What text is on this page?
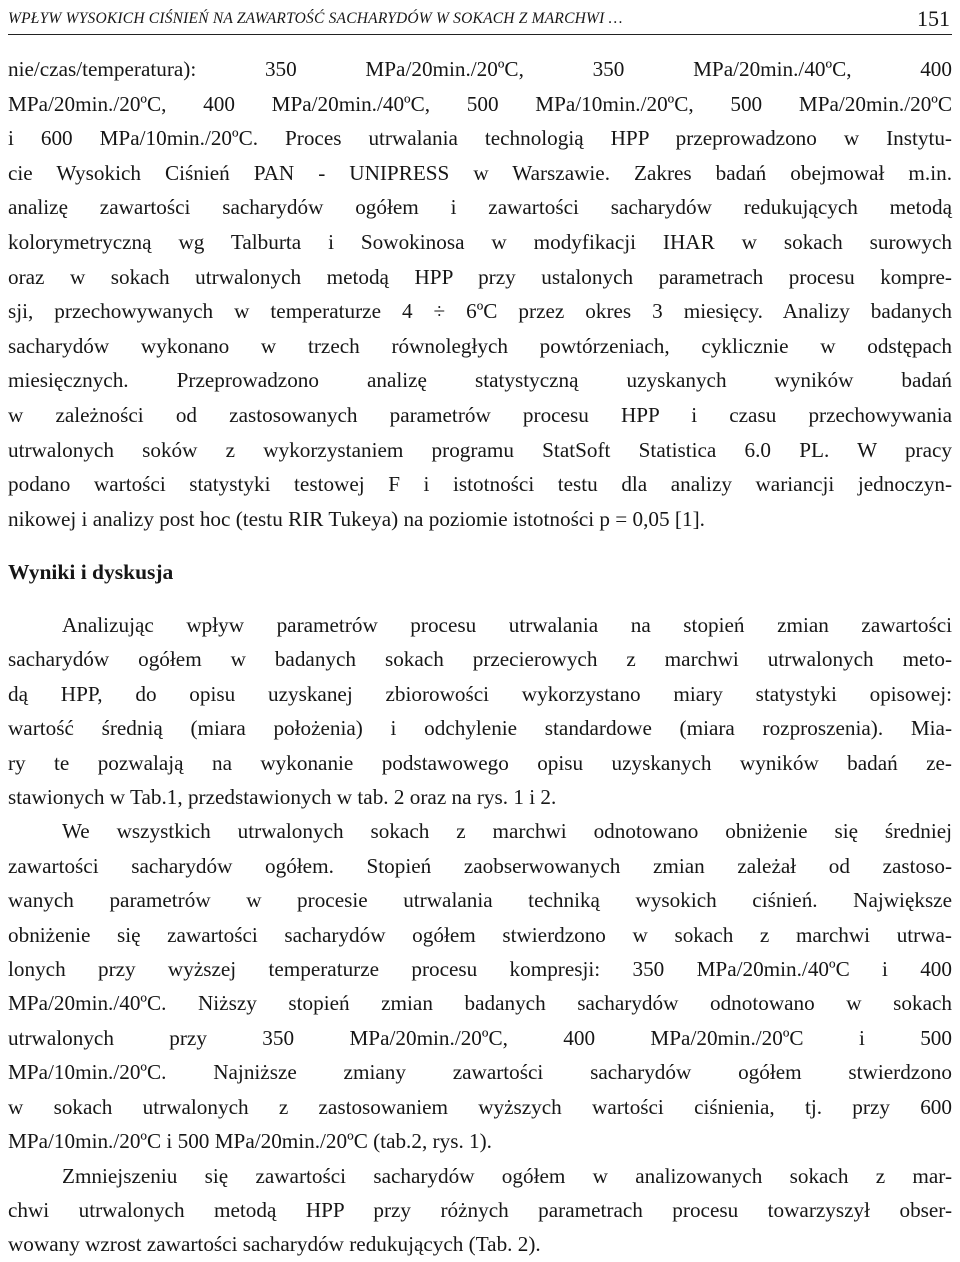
WPŁYW WYSOKICH CIŚNIEŃ NA ZAWARTOŚĆ SACHARYDÓW W SOKACH Z MARCHWI …	151
nie/czas/temperatura): 350 MPa/20min./20ºC, 350 MPa/20min./40ºC, 400
MPa/20min./20ºC, 400 MPa/20min./40ºC, 500 MPa/10min./20ºC, 500 MPa/20min./20ºC
i 600 MPa/10min./20ºC. Proces utrwalania technologią HPP przeprowadzono w Instytu-
cie Wysokich Ciśnień PAN - UNIPRESS w Warszawie. Zakres badań obejmował m.in.
analizę zawartości sacharydów ogółem i zawartości sacharydów redukujących metodą
kolorymetryczną wg Talburta i Sowokinosa w modyfikacji IHAR w sokach surowych
oraz w sokach utrwalonych metodą HPP przy ustalonych parametrach procesu kompre-
sji, przechowywanych w temperaturze 4 ÷ 6ºC przez okres 3 miesięcy. Analizy badanych
sacharydów wykonano w trzech równoległych powtórzeniach, cyklicznie w odstępach
miesięcznych. Przeprowadzono analizę statystyczną uzyskanych wyników badań
w zależności od zastosowanych parametrów procesu HPP i czasu przechowywania
utrwalonych soków z wykorzystaniem programu StatSoft Statistica 6.0 PL. W pracy
podano wartości statystyki testowej F i istotności testu dla analizy wariancji jednoczyn-
nikowej i analizy post hoc (testu RIR Tukeya) na poziomie istotności p = 0,05 [1].
Wyniki i dyskusja
Analizując wpływ parametrów procesu utrwalania na stopień zmian zawartości
sacharydów ogółem w badanych sokach przecierowych z marchwi utrwalonych meto-
dą HPP, do opisu uzyskanej zbiorowości wykorzystano miary statystyki opisowej:
wartość średnią (miara położenia) i odchylenie standardowe (miara rozproszenia). Mia-
ry te pozwalają na wykonanie podstawowego opisu uzyskanych wyników badań ze-
stawionych w Tab.1, przedstawionych w tab. 2 oraz na rys. 1 i 2.
We wszystkich utrwalonych sokach z marchwi odnotowano obniżenie się średniej
zawartości sacharydów ogółem. Stopień zaobserwowanych zmian zależał od zastoso-
wanych parametrów w procesie utrwalania techniką wysokich ciśnień. Największe
obniżenie się zawartości sacharydów ogółem stwierdzono w sokach z marchwi utrwa-
lonych przy wyższej temperaturze procesu kompresji: 350 MPa/20min./40ºC i 400
MPa/20min./40ºC. Niższy stopień zmian badanych sacharydów odnotowano w sokach
utrwalonych przy 350 MPa/20min./20ºC, 400 MPa/20min./20ºC i 500
MPa/10min./20ºC. Najniższe zmiany zawartości sacharydów ogółem stwierdzono
w sokach utrwalonych z zastosowaniem wyższych wartości ciśnienia, tj. przy 600
MPa/10min./20ºC i 500 MPa/20min./20ºC (tab.2, rys. 1).
Zmniejszeniu się zawartości sacharydów ogółem w analizowanych sokach z mar-
chwi utrwalonych metodą HPP przy różnych parametrach procesu towarzyszył obser-
wowany wzrost zawartości sacharydów redukujących (Tab. 2).
